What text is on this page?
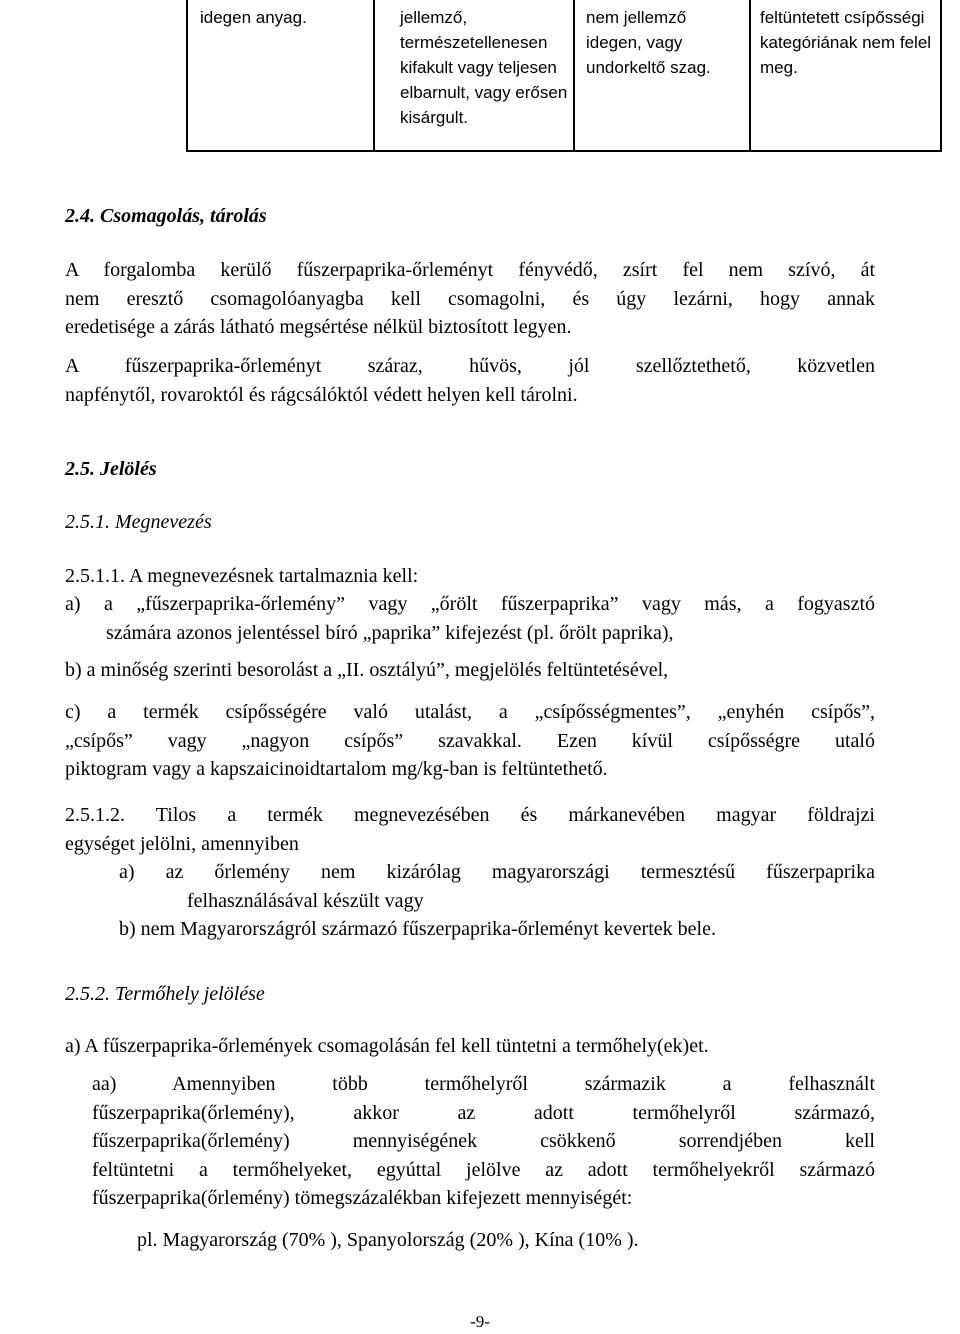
idegen anyag.	jellemző,
természetellenesen
kifakult vagy teljesen
elbarnult, vagy erősen
kisárgult.
nem jellemző
idegen, vagy
undorkeltő szag.
feltüntetett csípősségi
kategóriának nem felel
meg.
2.4. Csomagolás, tárolás
A forgalomba kerülő fűszerpaprika-őrleményt fényvédő, zsírt fel nem szívó, át
nem eresztő csomagolóanyagba kell csomagolni, és úgy lezárni, hogy annak
eredetisége a zárás látható megsértése nélkül biztosított legyen.
A fűszerpaprika-őrleményt száraz, hűvös, jól szellőztethető, közvetlen
napfénytől, rovaroktól és rágcsálóktól védett helyen kell tárolni.
2.5. Jelölés
2.5.1. Megnevezés
2.5.1.1. A megnevezésnek tartalmaznia kell:
a) a „fűszerpaprika-őrlemény” vagy „őrölt fűszerpaprika” vagy más, a fogyasztó
számára azonos jelentéssel bíró „paprika” kifejezést (pl. őrölt paprika),
b) a minőség szerinti besorolást a „II. osztályú”, megjelölés feltüntetésével,
c) a termék csípősségére való utalást, a „csípősségmentes”, „enyhén csípős”,
„csípős” vagy „nagyon csípős” szavakkal. Ezen kívül csípősségre utaló
piktogram vagy a kapszaicinoidtartalom mg/kg-ban is feltüntethető.
2.5.1.2. Tilos a termék megnevezésében és márkanevében magyar földrajzi
egységet jelölni, amennyiben
a) az őrlemény nem kizárólag magyarországi termesztésű fűszerpaprika
felhasználásával készült vagy
b) nem Magyarországról származó fűszerpaprika-őrleményt kevertek bele.
2.5.2. Termőhely jelölése
a) A fűszerpaprika-őrlemények csomagolásán fel kell tüntetni a termőhely(ek)et.
aa) Amennyiben több termőhelyről származik a felhasznált
fűszerpaprika(őrlemény), akkor az adott termőhelyről származó,
fűszerpaprika(őrlemény) mennyiségének csökkenő sorrendjében kell
feltüntetni a termőhelyeket, egyúttal jelölve az adott termőhelyekről származó
fűszerpaprika(őrlemény) tömegszázalékban kifejezett mennyiségét:
pl. Magyarország (70% ), Spanyolország (20% ), Kína (10% ).
-9-
